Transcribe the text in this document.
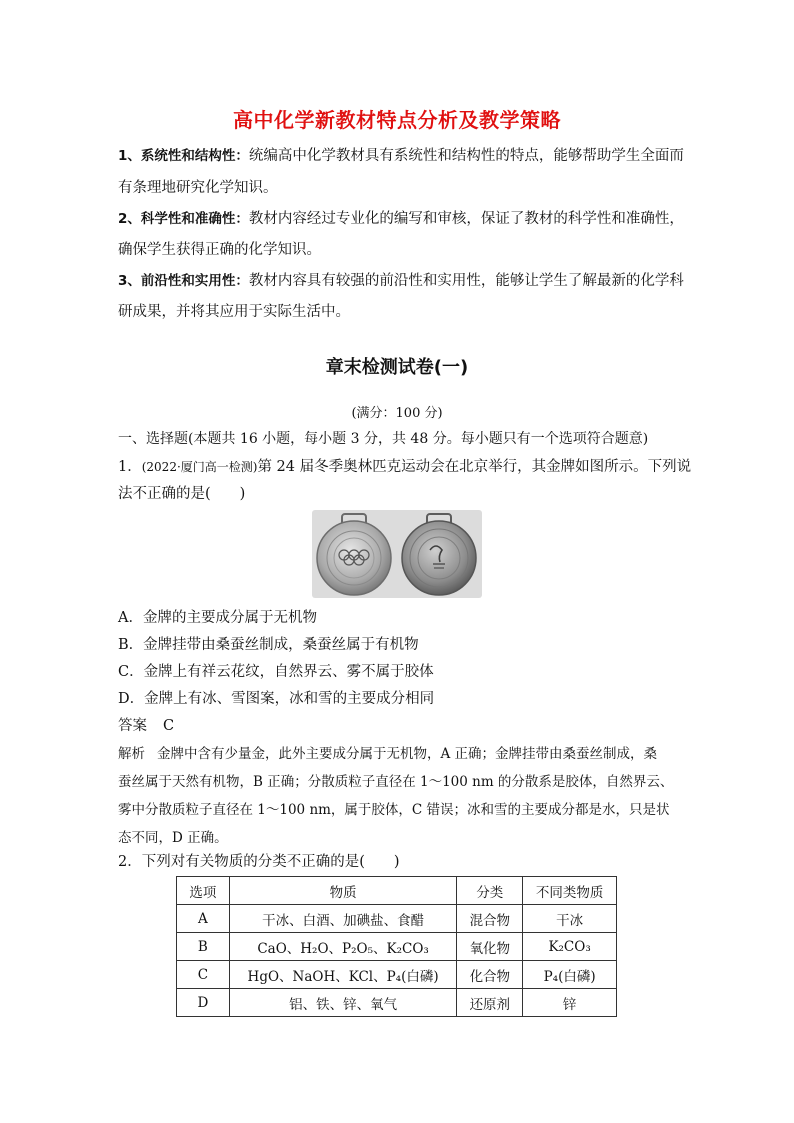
高中化学新教材特点分析及教学策略
1、系统性和结构性：统编高中化学教材具有系统性和结构性的特点，能够帮助学生全面而
有条理地研究化学知识。
2、科学性和准确性：教材内容经过专业化的编写和审核，保证了教材的科学性和准确性，
确保学生获得正确的化学知识。
3、前沿性和实用性：教材内容具有较强的前沿性和实用性，能够让学生了解最新的化学科
研成果，并将其应用于实际生活中。
章末检测试卷(一)
(满分：100 分)
一、选择题(本题共 16 小题，每小题 3 分，共 48 分。每小题只有一个选项符合题意)
1．(2022·厦门高一检测)第 24 届冬季奥林匹克运动会在北京举行，其金牌如图所示。下列说
法不正确的是(　　)
A．金牌的主要成分属于无机物
B．金牌挂带由桑蚕丝制成，桑蚕丝属于有机物
C．金牌上有祥云花纹，自然界云、雾不属于胶体
D．金牌上有冰、雪图案，冰和雪的主要成分相同
答案 C
解析 金牌中含有少量金，此外主要成分属于无机物，A 正确；金牌挂带由桑蚕丝制成，桑
蚕丝属于天然有机物，B 正确；分散质粒子直径在 1～100 nm 的分散系是胶体，自然界云、
雾中分散质粒子直径在 1～100 nm，属于胶体，C 错误；冰和雪的主要成分都是水，只是状
态不同，D 正确。
2．下列对有关物质的分类不正确的是(　　)
选项	物质	分类	不同类物质
A	干冰、白酒、加碘盐、食醋	混合物	干冰
B	CaO、H₂O、P₂O₅、K₂CO₃	氧化物	K₂CO₃
C	HgO、NaOH、KCl、P₄(白磷)	化合物	P₄(白磷)
D	铝、铁、锌、氧气	还原剂	锌
